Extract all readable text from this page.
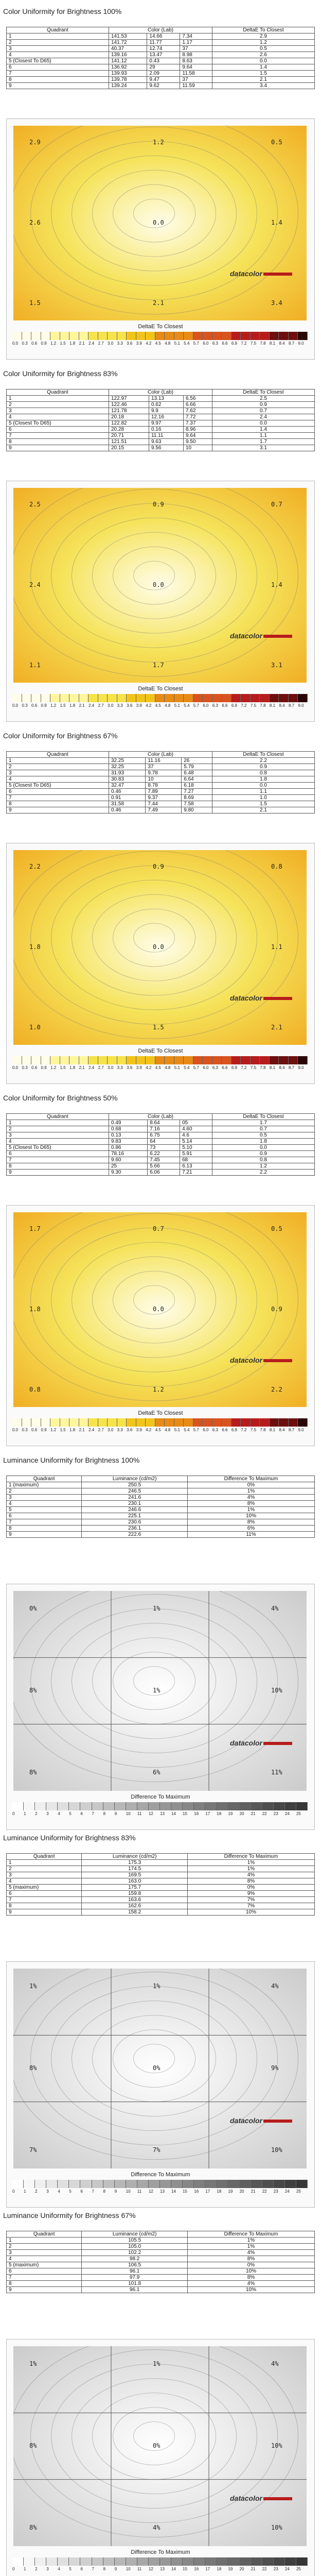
Color Uniformity for Brightness 100%
Quadrant	Color (Lab)			DeltaE To Closest
1	141.53	14.66	7.34	2.9
2	141.72	11.77	1.17	1.2
3	40.37	12.74	37	0.5
4	139.16	13.47	8.98	2.6
5 (Closest To D65)	141.12	0.43	8.63	0.0
6	136.92	29	9.64	1.4
7	139.93	2.09	11.58	1.5
8	139.78	9.47	37	2.1
9	139.24	9.62	11.59	3.4
2.9	1.2	0.5
2.6	0.0	1.4
1.5	2.1	3.4
datacolor
DeltaE To Closest
0.0 0.3 0.6 0.9 1.2 1.5 1.8 2.1 2.4 2.7 3.0 3.3 3.6 3.9 4.2 4.5 4.8 5.1 5.4 5.7 6.0 6.3 6.6 6.9 7.2 7.5 7.8 8.1 8.4 8.7 9.0
Color Uniformity for Brightness 83%
Quadrant	Color (Lab)			DeltaE To Closest
1	122.97	13.13	6.56	2.5
2	122.46	0.62	6.66	0.9
3	121.78	9.9	7.62	0.7
4	20.18	12.16	7.72	2.4
5 (Closest To D65)	122.82	9.97	7.37	0.0
6	20.28	0.16	8.96	1.4
7	20.71	11.11	9.64	1.1
8	121.51	9.63	9.50	1.7
9	20.15	9.56	10	3.1
2.5	0.9	0.7
2.4	0.0	1.4
1.1	1.7	3.1
datacolor
DeltaE To Closest
0.0 0.3 0.6 0.9 1.2 1.5 1.8 2.1 2.4 2.7 3.0 3.3 3.6 3.9 4.2 4.5 4.8 5.1 5.4 5.7 6.0 6.3 6.6 6.9 7.2 7.5 7.8 8.1 8.4 8.7 9.0
Color Uniformity for Brightness 67%
Quadrant	Color (Lab)			DeltaE To Closest
1	32.25	11.16	26	2.2
2	32.25	37	5.79	0.9
3	31.93	9.78	6.48	0.8
4	30.83	10	6.64	1.8
5 (Closest To D65)	32.47	8.78	6.18	0.0
6	0.46	7.89	7.27	1.1
7	0.91	9.37	8.69	1.0
8	31.58	7.44	7.58	1.5
9	0.46	7.49	9.80	2.1
2.2	0.9	0.8
1.8	0.0	1.1
1.0	1.5	2.1
datacolor
DeltaE To Closest
0.0 0.3 0.6 0.9 1.2 1.5 1.8 2.1 2.4 2.7 3.0 3.3 3.6 3.9 4.2 4.5 4.8 5.1 5.4 5.7 6.0 6.3 6.6 6.9 7.2 7.5 7.8 8.1 8.4 8.7 9.0
Color Uniformity for Brightness 50%
Quadrant	Color (Lab)			DeltaE To Closest
1	0.49	8.64	05	1.7
2	0.68	7.16	4.60	0.7
3	0.13	6.75	4.6	0.5
4	9.83	64	5.14	1.8
5 (Closest To D65)	0.86	73	5.10	0.0
6	78.16	6.22	5.91	0.9
7	9.60	7.45	68	0.8
8	25	5.66	6.13	1.2
9	9.30	6.06	7.21	2.2
1.7	0.7	0.5
1.8	0.0	0.9
0.8	1.2	2.2
datacolor
DeltaE To Closest
0.0 0.3 0.6 0.9 1.2 1.5 1.8 2.1 2.4 2.7 3.0 3.3 3.6 3.9 4.2 4.5 4.8 5.1 5.4 5.7 6.0 6.3 6.6 6.9 7.2 7.5 7.8 8.1 8.4 8.7 9.0
Luminance Uniformity for Brightness 100%
Quadrant	Luminance (cd/m2)	Difference To Maximum
1 (maximum)	250.5	0%
2	246.5	1%
3	241.6	4%
4	230.1	8%
5	246.6	1%
6	225.1	10%
7	230.6	8%
8	236.1	6%
9	222.6	11%
0%	1%	4%
8%	1%	10%
8%	6%	11%
datacolor
Difference To Maximum
0	1	2	3	4	5	6	7	8	9	10	11	12	13	14	15	16	17	18	19	20	21	22	23	24	25
Luminance Uniformity for Brightness 83%
Quadrant	Luminance (cd/m2)	Difference To Maximum
1	175.3	1%
2	174.5	1%
3	169.5	4%
4	163.0	8%
5 (maximum)	175.7	0%
6	159.8	9%
7	163.6	7%
8	162.6	7%
9	158.2	10%
1%	1%	4%
8%	0%	9%
7%	7%	10%
datacolor
Difference To Maximum
0	1	2	3	4	5	6	7	8	9	10	11	12	13	14	15	16	17	18	19	20	21	22	23	24	25
Luminance Uniformity for Brightness 67%
Quadrant	Luminance (cd/m2)	Difference To Maximum
1	105.5	1%
2	105.0	1%
3	102.2	4%
4	98.2	8%
5 (maximum)	106.5	0%
6	96.1	10%
7	97.9	8%
8	101.8	4%
9	96.1	10%
1%	1%	4%
8%	0%	10%
8%	4%	10%
datacolor
Difference To Maximum
0	1	2	3	4	5	6	7	8	9	10	11	12	13	14	15	16	17	18	19	20	21	22	23	24	25
